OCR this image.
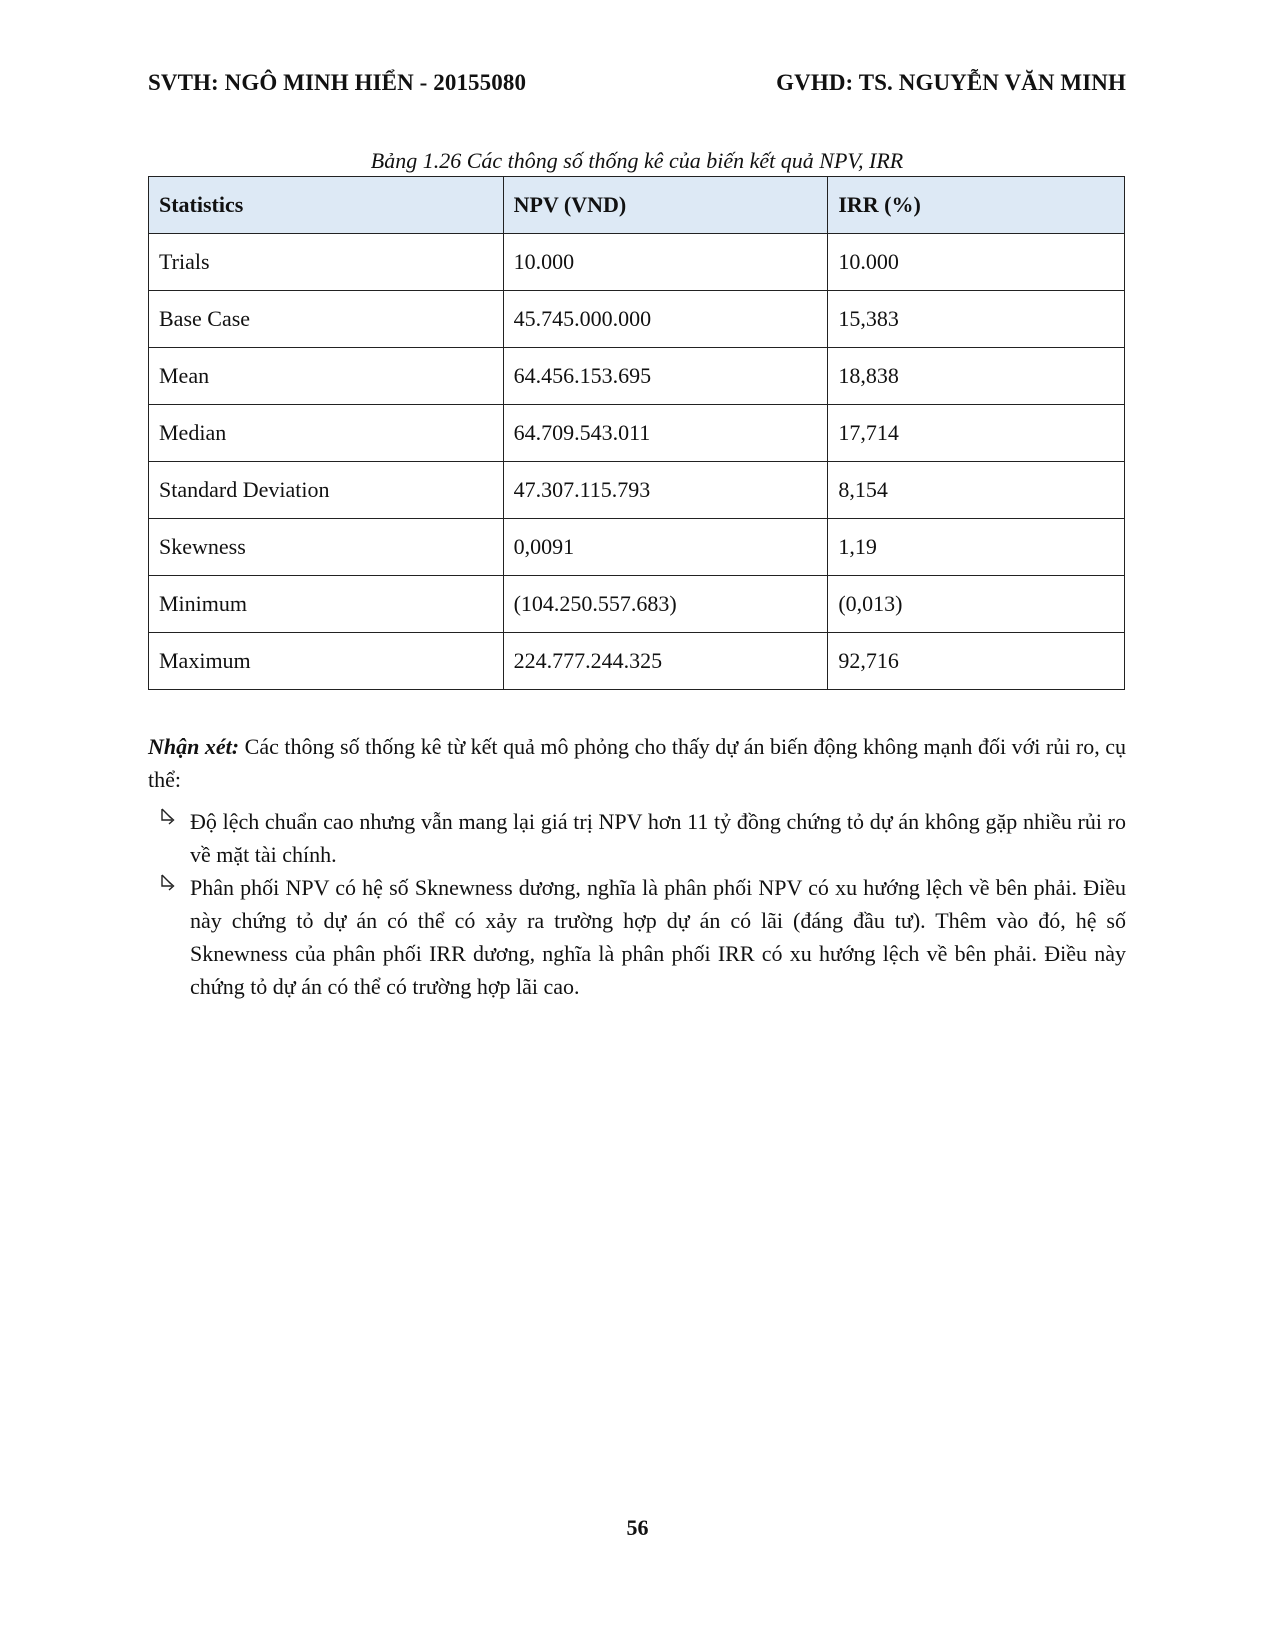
SVTH: NGÔ MINH HIỂN - 20155080	GVHD: TS. NGUYỄN VĂN MINH
Bảng 1.26 Các thông số thống kê của biến kết quả NPV, IRR
Statistics	NPV (VND)	IRR (%)
Trials	10.000	10.000
Base Case	45.745.000.000	15,383
Mean	64.456.153.695	18,838
Median	64.709.543.011	17,714
Standard Deviation	47.307.115.793	8,154
Skewness	0,0091	1,19
Minimum	(104.250.557.683)	(0,013)
Maximum	224.777.244.325	92,716
Nhận xét: Các thông số thống kê từ kết quả mô phỏng cho thấy dự án biến động không mạnh đối với rủi ro, cụ thể:
Độ lệch chuẩn cao nhưng vẫn mang lại giá trị NPV hơn 11 tỷ đồng chứng tỏ dự án không gặp nhiều rủi ro về mặt tài chính.
Phân phối NPV có hệ số Sknewness dương, nghĩa là phân phối NPV có xu hướng lệch về bên phải. Điều này chứng tỏ dự án có thể có xảy ra trường hợp dự án có lãi (đáng đầu tư). Thêm vào đó, hệ số Sknewness của phân phối IRR dương, nghĩa là phân phối IRR có xu hướng lệch về bên phải. Điều này chứng tỏ dự án có thể có trường hợp lãi cao.
56
